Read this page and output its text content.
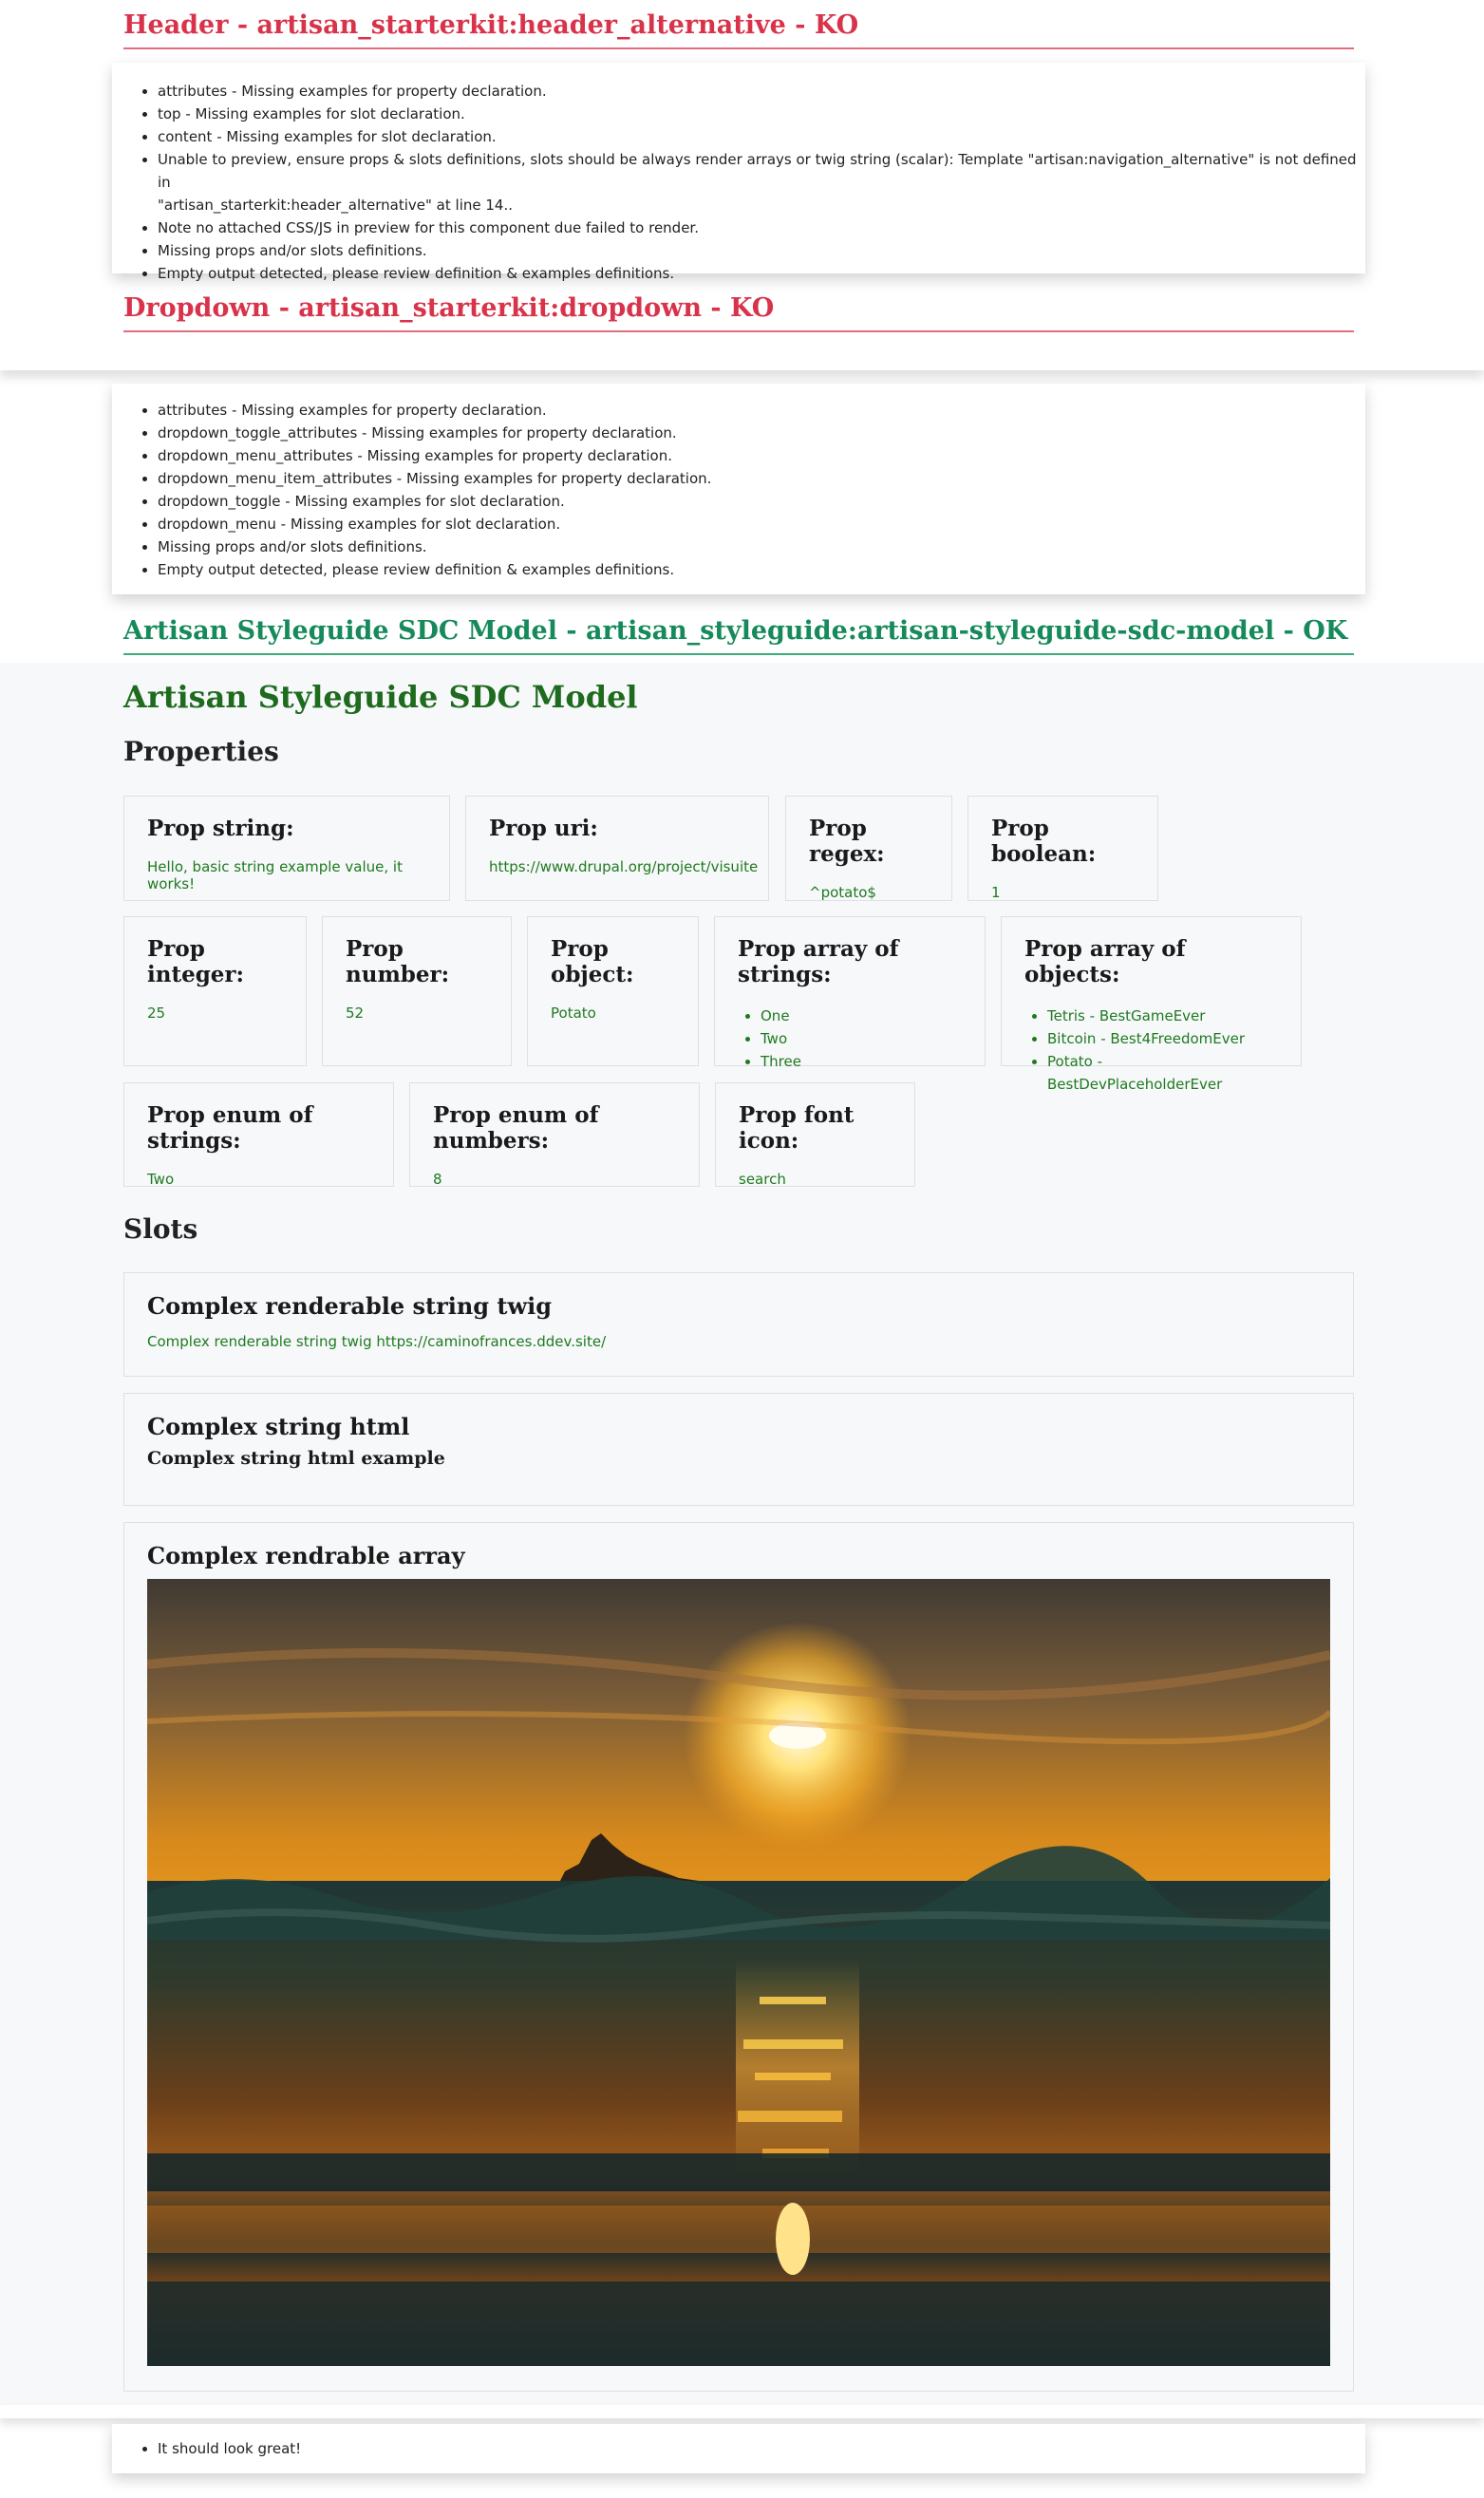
Header - artisan_starterkit:header_alternative - KO
• attributes - Missing examples for property declaration.
• top - Missing examples for slot declaration.
• content - Missing examples for slot declaration.
• Unable to preview, ensure props & slots definitions, slots should be always render arrays or twig string (scalar): Template "artisan:navigation_alternative" is not defined in
"artisan_starterkit:header_alternative" at line 14..
• Note no attached CSS/JS in preview for this component due failed to render.
• Missing props and/or slots definitions.
• Empty output detected, please review definition & examples definitions.
Dropdown - artisan_starterkit:dropdown - KO
• attributes - Missing examples for property declaration.
• dropdown_toggle_attributes - Missing examples for property declaration.
• dropdown_menu_attributes - Missing examples for property declaration.
• dropdown_menu_item_attributes - Missing examples for property declaration.
• dropdown_toggle - Missing examples for slot declaration.
• dropdown_menu - Missing examples for slot declaration.
• Missing props and/or slots definitions.
• Empty output detected, please review definition & examples definitions.
Artisan Styleguide SDC Model - artisan_styleguide:artisan-styleguide-sdc-model - OK
Artisan Styleguide SDC Model
Properties
Prop string:
Hello, basic string example value, it works!
Prop uri:
https://www.drupal.org/project/visuite
Prop regex:
^potato$
Prop boolean:
1
Prop integer:
25
Prop number:
52
Prop object:
Potato
Prop array of strings:
• One
• Two
• Three
Prop array of objects:
• Tetris - BestGameEver
• Bitcoin - Best4FreedomEver
• Potato - BestDevPlaceholderEver
Prop enum of strings:
Two
Prop enum of numbers:
8
Prop font icon:
search
Slots
Complex renderable string twig
Complex renderable string twig https://caminofrances.ddev.site/
Complex string html
Complex string html example
Complex rendrable array
• It should look great!
